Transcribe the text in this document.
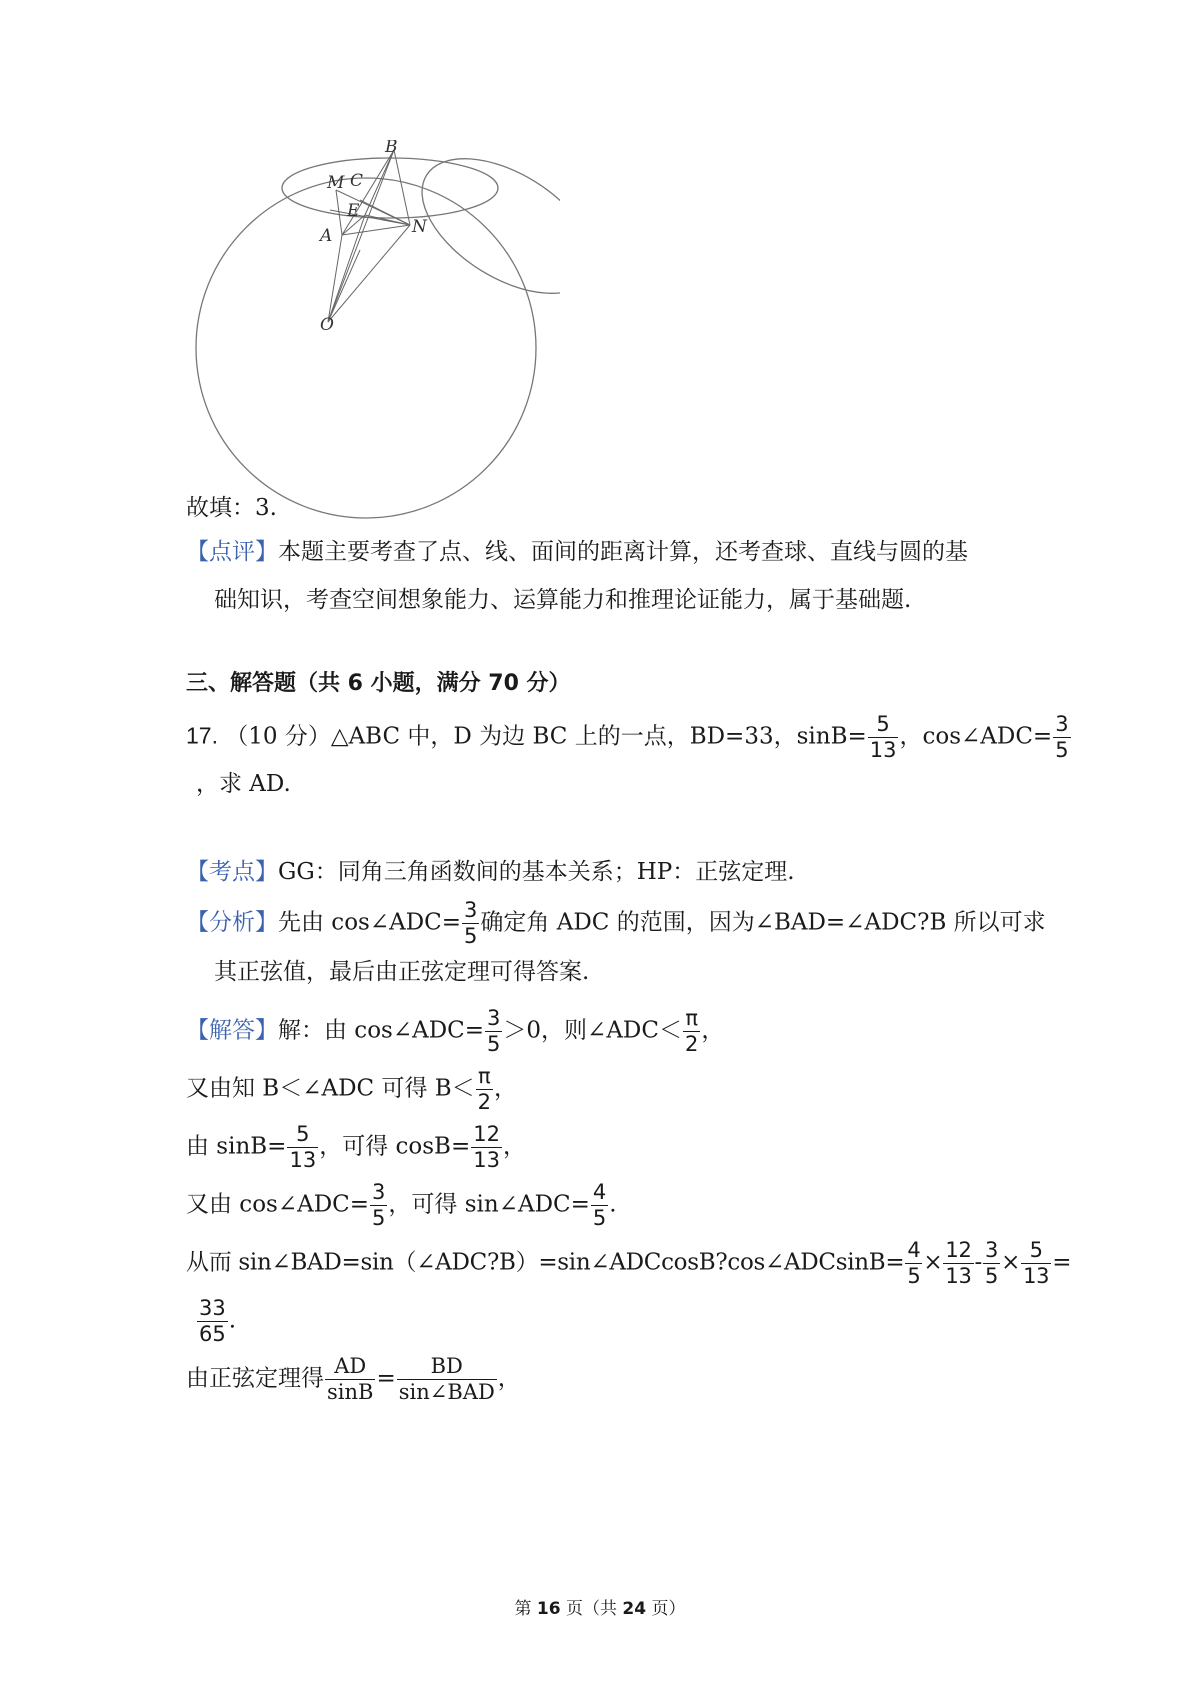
B
M C
E
N
A
O
故填：3.
【点评】本题主要考查了点、线、面间的距离计算，还考查球、直线与圆的基
础知识，考查空间想象能力、运算能力和推理论证能力，属于基础题.
三、解答题（共 6 小题，满分 70 分）
17. （10 分）△ABC 中，D 为边 BC 上的一点，BD=33，$\sin B= \frac{5}{13}$ ，cos∠ADC= $\frac{3}{5}$
，求 AD.
【考点】GG：同角三角函数间的基本关系；HP：正弦定理.
【分析】先由 cos∠ADC= $\frac{3}{5}$ 确定角 ADC 的范围，因为∠BAD=∠ADC?B 所以可求
其正弦值，最后由正弦定理可得答案.
【解答】解：由 cos∠ADC= $\frac{3}{5} >0$，则∠ADC＜ $\frac{\pi}{2}$ ，
又由知 B＜∠ADC 可得 $B< \frac{\pi}{2}$ ，
由 $\sin B= \frac{5}{13}$ ，可得 $\cos B= \frac{12}{13}$ ，
又由 cos∠ADC= $\frac{3}{5}$ ，可得 sin∠ADC= $\frac{4}{5}$ .
从而 sin∠BAD=sin（∠ADC?B）=sin∠ADCcosB?cos∠ADCsinB= $\frac{4}{5} \times \frac{12}{13} - \frac{3}{5} \times \frac{5}{13}$ =
$\frac{33}{65}$ .
由正弦定理得 $\frac{AD}{\sin B} = \frac{BD}{\text{sin∠BAD}}$ ，
第 16 页（共 24 页）
